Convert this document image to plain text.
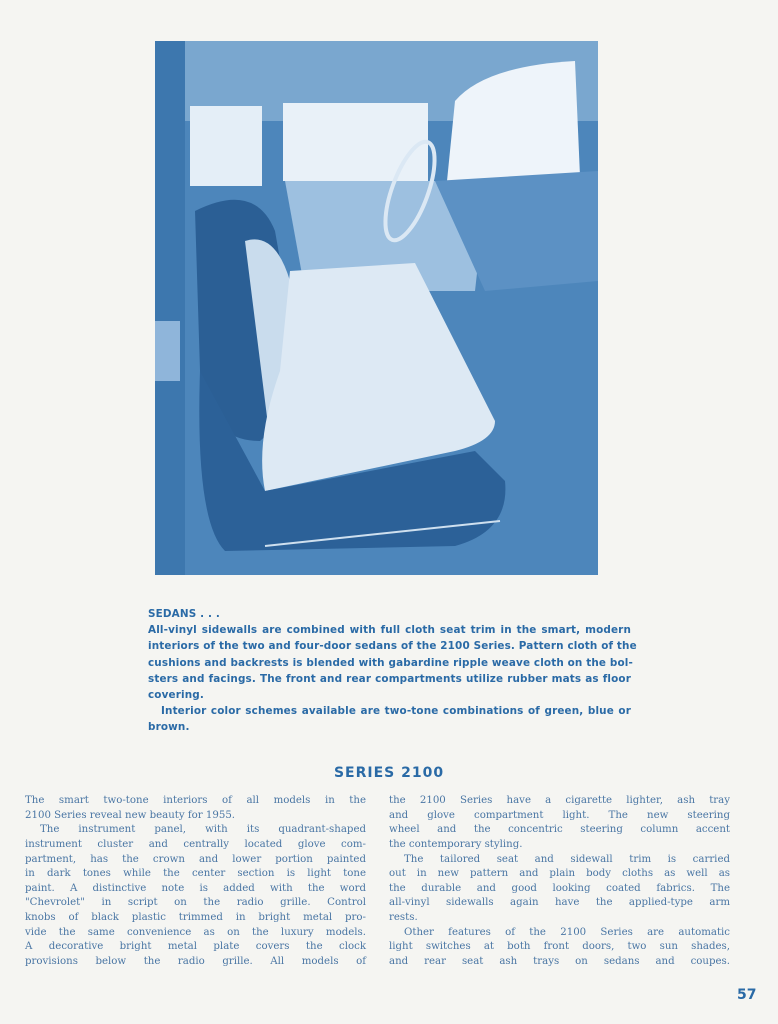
SEDANS . . .
All-vinyl sidewalls are combined with full cloth seat trim in the smart, modern
interiors of the two and four-door sedans of the 2100 Series. Pattern cloth of the
cushions and backrests is blended with gabardine ripple weave cloth on the bol-
sters and facings. The front and rear compartments utilize rubber mats as floor
covering.
Interior color schemes available are two-tone combinations of green, blue or
brown.
SERIES 2100
The smart two-tone interiors of all models in the
2100 Series reveal new beauty for 1955.
The instrument panel, with its quadrant-shaped
instrument cluster and centrally located glove com-
partment, has the crown and lower portion painted
in dark tones while the center section is light tone
paint. A distinctive note is added with the word
"Chevrolet" in script on the radio grille. Control
knobs of black plastic trimmed in bright metal pro-
vide the same convenience as on the luxury models.
A decorative bright metal plate covers the clock
provisions below the radio grille. All models of
the 2100 Series have a cigarette lighter, ash tray
and glove compartment light. The new steering
wheel and the concentric steering column accent
the contemporary styling.
The tailored seat and sidewall trim is carried
out in new pattern and plain body cloths as well as
the durable and good looking coated fabrics. The
all-vinyl sidewalls again have the applied-type arm
rests.
Other features of the 2100 Series are automatic
light switches at both front doors, two sun shades,
and rear seat ash trays on sedans and coupes.
57
